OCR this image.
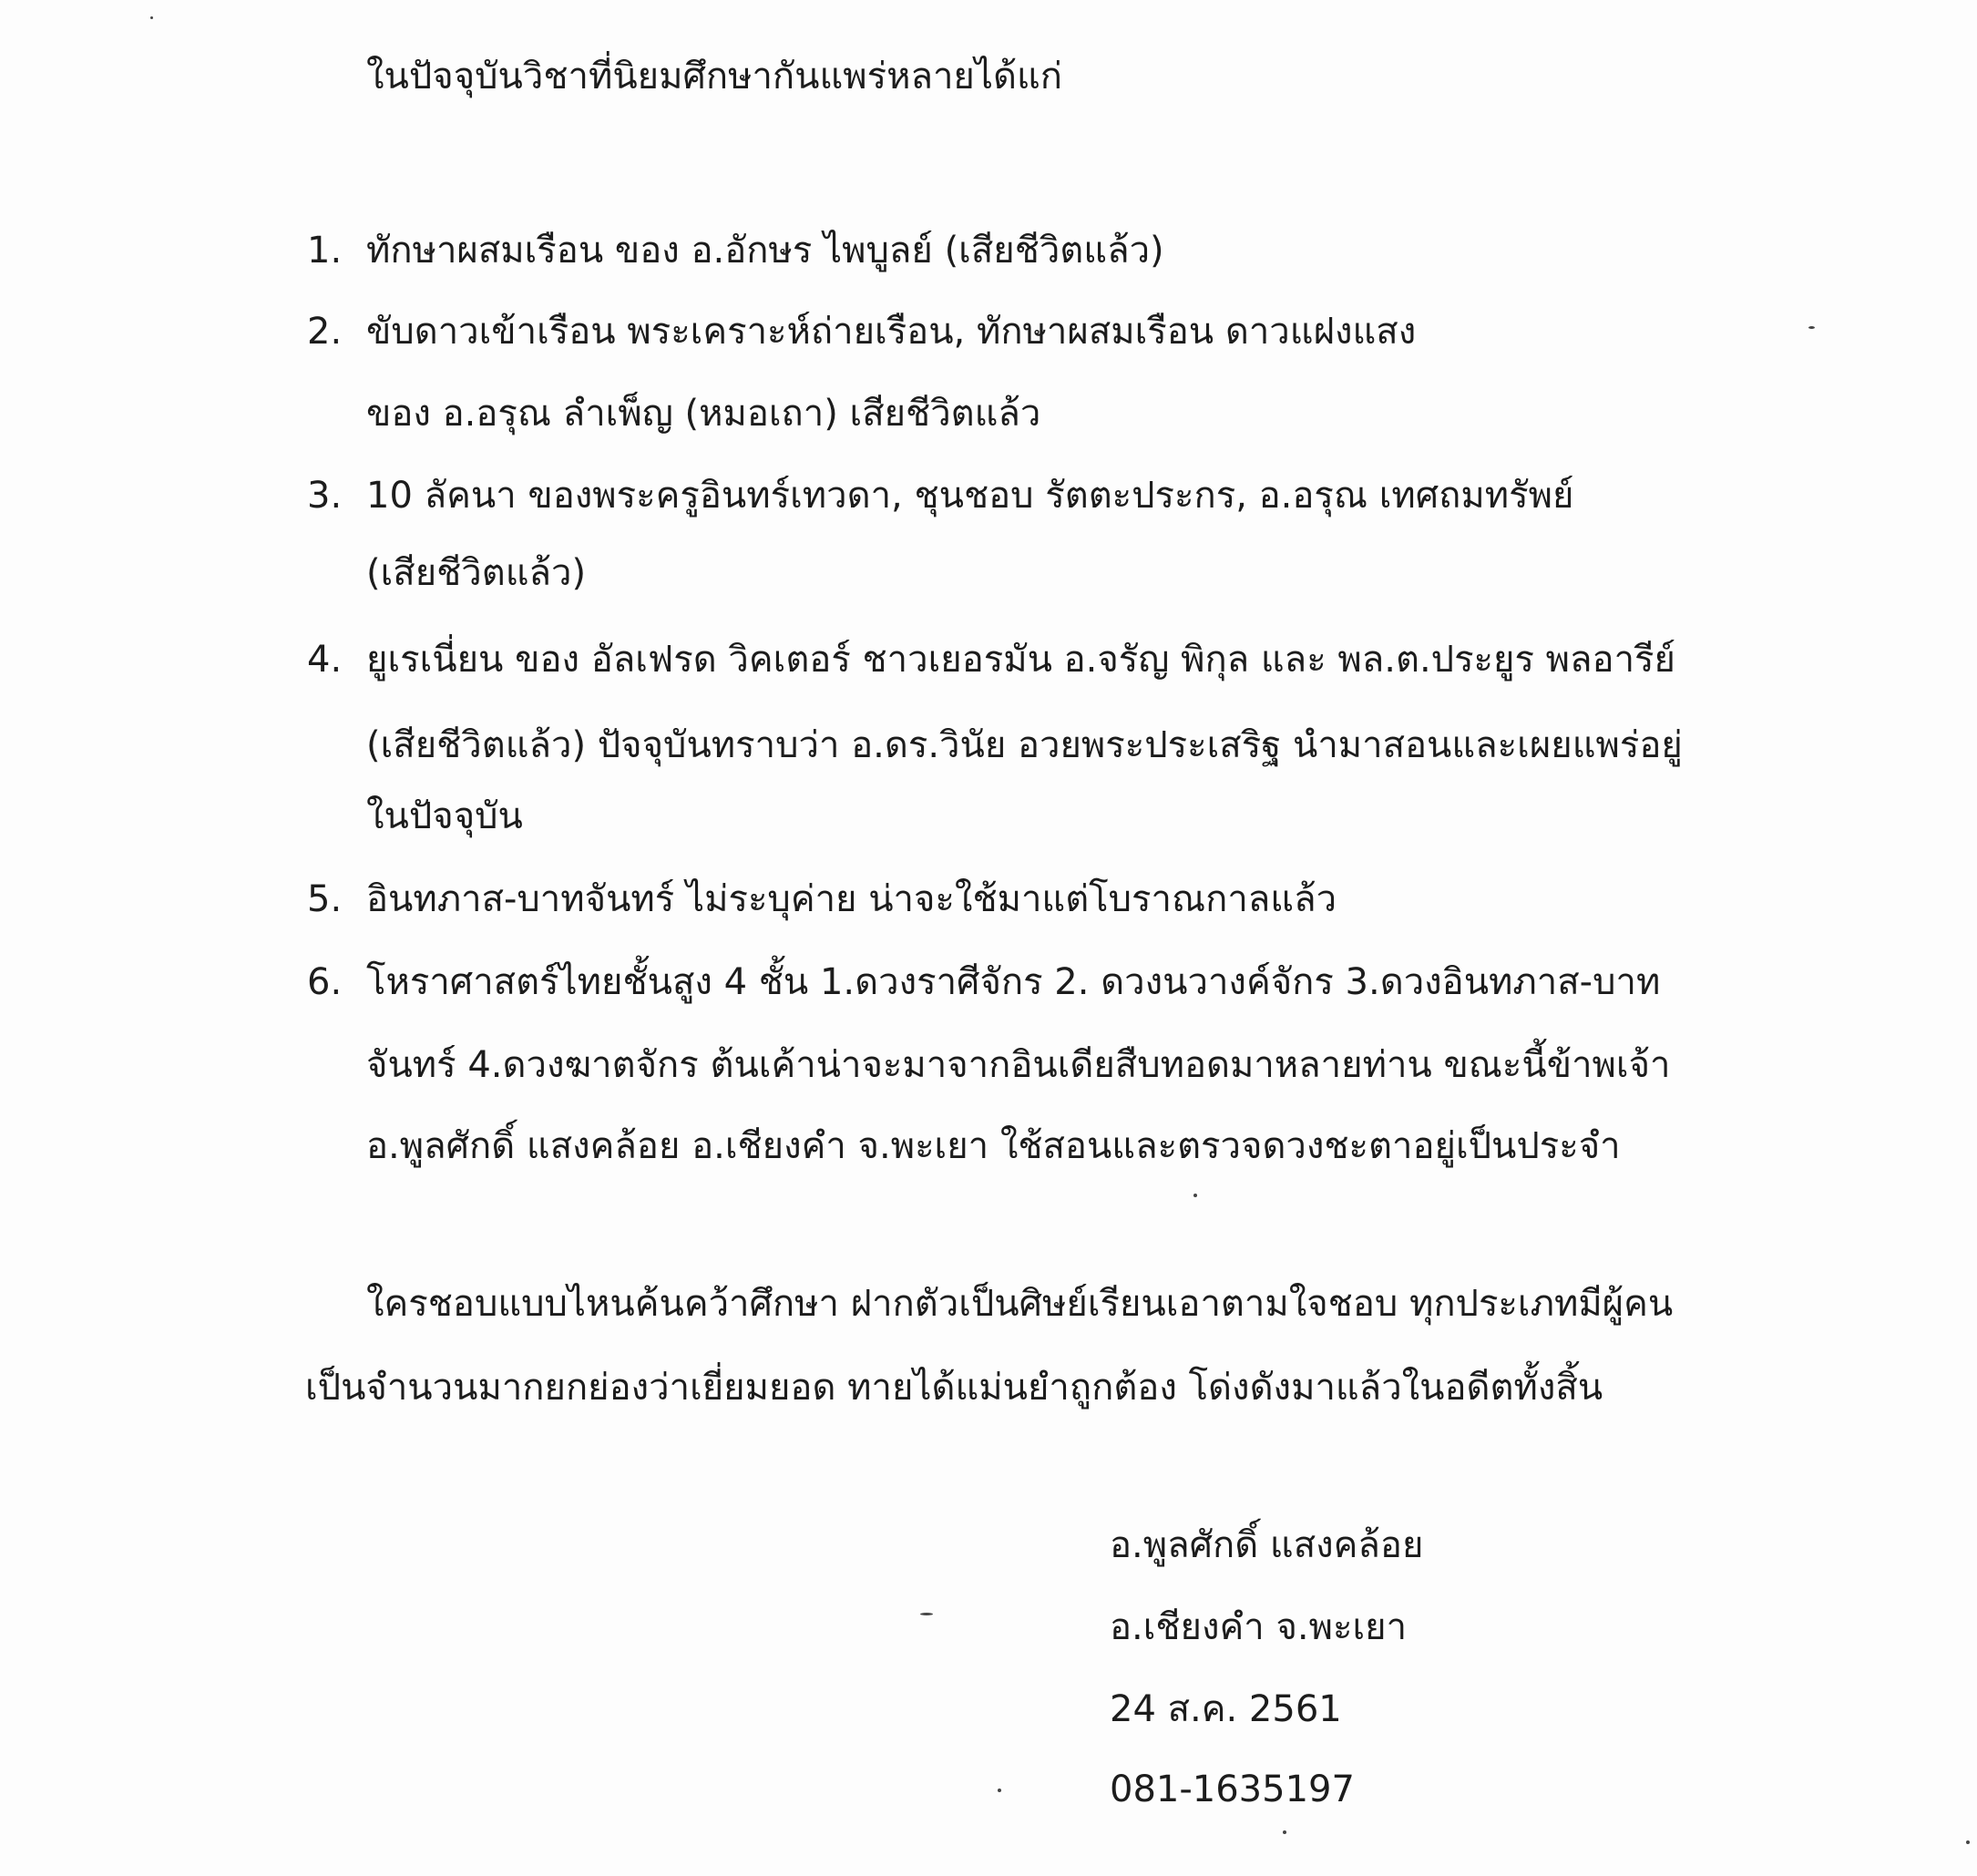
ในปัจจุบันวิชาที่นิยมศึกษากันแพร่หลายได้แก่
1. ทักษาผสมเรือน ของ อ.อักษร ไพบูลย์ (เสียชีวิตแล้ว)
2. ขับดาวเข้าเรือน พระเคราะห์ถ่ายเรือน, ทักษาผสมเรือน ดาวแฝงแสง
ของ อ.อรุณ ลำเพ็ญ (หมอเถา) เสียชีวิตแล้ว
3. 10 ลัคนา ของพระครูอินทร์เทวดา, ชุนชอบ รัตตะประกร, อ.อรุณ เทศถมทรัพย์
(เสียชีวิตแล้ว)
4. ยูเรเนี่ยน ของ อัลเฟรด วิคเตอร์ ชาวเยอรมัน อ.จรัญ พิกุล และ พล.ต.ประยูร พลอารีย์
(เสียชีวิตแล้ว) ปัจจุบันทราบว่า อ.ดร.วินัย อวยพระประเสริฐ นำมาสอนและเผยแพร่อยู่
ในปัจจุบัน
5. อินทภาส-บาทจันทร์ ไม่ระบุค่าย น่าจะใช้มาแต่โบราณกาลแล้ว
6. โหราศาสตร์ไทยชั้นสูง 4 ชั้น 1.ดวงราศีจักร 2. ดวงนวางค์จักร 3.ดวงอินทภาส-บาท
จันทร์ 4.ดวงฆาตจักร ต้นเค้าน่าจะมาจากอินเดียสืบทอดมาหลายท่าน ขณะนี้ข้าพเจ้า
อ.พูลศักดิ์ แสงคล้อย อ.เชียงคำ จ.พะเยา ใช้สอนและตรวจดวงชะตาอยู่เป็นประจำ
ใครชอบแบบไหนค้นคว้าศึกษา ฝากตัวเป็นศิษย์เรียนเอาตามใจชอบ ทุกประเภทมีผู้คน
เป็นจำนวนมากยกย่องว่าเยี่ยมยอด ทายได้แม่นยำถูกต้อง โด่งดังมาแล้วในอดีตทั้งสิ้น
อ.พูลศักดิ์ แสงคล้อย
อ.เชียงคำ จ.พะเยา
24 ส.ค. 2561
081-1635197
